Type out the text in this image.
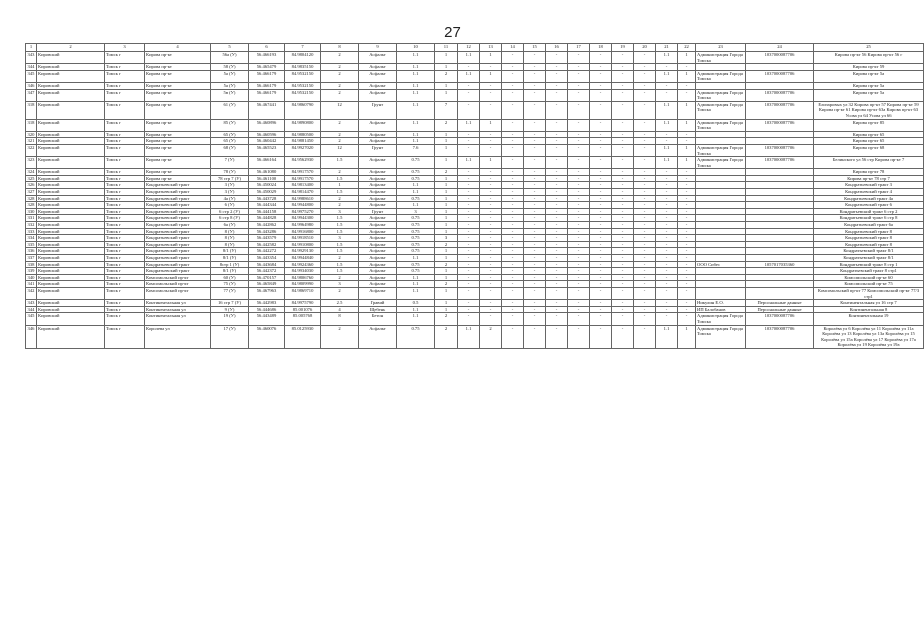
27
1	2	3	4	5	6	7	8	9	10	11	12	13	14	15	16	17	18	19	20	21	22	23	24	25
343	Кировский	Томск г	Кирова пр-кт	56а (У)	56.466193	84.9804120	2	Асфальт	1.1	1	1.1	1	-	-	-	-	-	-	-	1.1	1	Администрация Города Томска	1037000087706	Кирова пр-кт 56 Кирова пр-кт 56 г
344	Кировский	Томск г	Кирова пр-кт	58 (У)	56.465479	84.9835150	2	Асфальт	1.1	1	-	-	-	-	-	-	-	-	-	-	-			Кирова пр-кт 59
345	Кировский	Томск г	Кирова пр-кт	5а (У)	56.466179	84.9532150	2	Асфальт	1.1	2	1.1	1	-	-	-	-	-	-	-	1.1	1	Администрация Города Томска	1037000087706	Кирова пр-кт 5а
346	Кировский	Томск г	Кирова пр-кт	5а (У)	56.466179	84.9532150	2	Асфальт	1.1	1	-	-	-	-	-	-	-	-	-	-	-			Кирова пр-кт 5а
347	Кировский	Томск г	Кирова пр-кт	5в (У)	56.466179	84.9532150	2	Асфальт	1.1	1	-	-	-	-	-	-	-	-	-	-	-	Администрация Города Томска	1037000087706	Кирова пр-кт 5а
318	Кировский	Томск г	Кирова пр-кт	61 (У)	56.467441	84.9860790	12	Грунт	1.1	7	-	-	-	-	-	-	-	-	-	1.1	1	Администрация Города Томска	1037000087706	Елизаровых ул 32 Кирова пр-кт 57 Кирова пр-кт 59 Кирова пр-кт 61 Кирова пр-кт 63а Кирова пр-кт 63 Усова ул 64 Усова ул 66
318	Кировский	Томск г	Кирова пр-кт	85 (У)	56.460896	84.9890800	2	Асфальт	1.1	2	1.1	1	-	-	-	-	-	-	-	1.1	1	Администрация Города Томска	1037000087706	Кирова пр-кт 85
320	Кировский	Томск г	Кирова пр-кт	65 (У)	56.460596	84.9880500	2	Асфальт	1.1	1	-	-	-	-	-	-	-	-	-	-	-			Кирова пр-кт 65
321	Кировский	Томск г	Кирова пр-кт	65 (У)	56.460442	84.9881450	2	Асфальт	1.1	1	-	-	-	-	-	-	-	-	-	-	-			Кирова пр-кт 65
322	Кировский	Томск г	Кирова пр-кт	68 (У)	56.465523	84.9927020	12	Грунт	7.6	1	-	-	-	-	-	-	-	-	-	1.1	1	Администрация Города Томска	1037000087706	Кирова пр-кт 68
323	Кировский	Томск г	Кирова пр-кт	7 (У)	56.466164	84.9562930	1.5	Асфальт	0.75	1	1.1	1	-	-	-	-	-	-	-	1.1	1	Администрация Города Томска	1037000087706	Белинского ул 56 стр Кирова пр-кт 7
324	Кировский	Томск г	Кирова пр-кт	78 (У)	56.461080	84.9917570	2	Асфальт	0.75	2	-	-	-	-	-	-	-	-	-	-	-			Кирова пр-кт 78
325	Кировский	Томск г	Кирова пр-кт	78 стр 7 (У)	56.461100	84.9917570	1.5	Асфальт	0.75	1	-	-	-	-	-	-	-	-	-	-	-			Кирова пр-кт 78 стр 7
326	Кировский	Томск г	Кондратьевский тракт	3 (У)	56.450024	84.9813400	1	Асфальт	1.1	1	-	-	-	-	-	-	-	-	-	-	-			Кондратьевский тракт 3
327	Кировский	Томск г	Кондратьевский тракт	3 (У)	56.450029	84.9814470	1.5	Асфальт	1.1	1	-	-	-	-	-	-	-	-	-	-	-			Кондратьевский тракт 4
328	Кировский	Томск г	Кондратьевский тракт	4а (У)	56.443728	84.9988610	2	Асфальт	0.75	1	-	-	-	-	-	-	-	-	-	-	-			Кондратьевский тракт 4а
328	Кировский	Томск г	Кондратьевский тракт	6 (У)	56.444344	84.9944800	2	Асфальт	1.1	1	-	-	-	-	-	-	-	-	-	-	-			Кондратьевский тракт 6
330	Кировский	Томск г	Кондратьевский тракт	6 стр 2 (У)	56.444158	84.9975270	3	Грунт	3	1	-	-	-	-	-	-	-	-	-	-	-			Кондратьевский тракт 6 стр 2
331	Кировский	Томск г	Кондратьевский тракт	6 стр 8 (У)	56.444828	84.9944300	1.5	Асфальт	0.75	1	-	-	-	-	-	-	-	-	-	-	-			Кондратьевский тракт 6 стр 8
332	Кировский	Томск г	Кондратьевский тракт	6а (У)	56.442862	84.9964980	1.5	Асфальт	0.75	1	-	-	-	-	-	-	-	-	-	-	-			Кондратьевский тракт 6а
333	Кировский	Томск г	Кондратьевский тракт	8 (У)	56.443286	84.9916800	1.5	Асфальт	0.75	1	-	-	-	-	-	-	-	-	-	-	-			Кондратьевский тракт 8
334	Кировский	Томск г	Кондратьевский тракт	8 (У)	56.443579	84.9918510	3	Асфальт	0.75	3	-	-	-	-	-	-	-	-	-	-	-			Кондратьевский тракт 8
335	Кировский	Томск г	Кондратьевский тракт	8 (У)	56.442582	84.9910800	1.5	Асфальт	0.75	2	-	-	-	-	-	-	-	-	-	-	-			Кондратьевский тракт 8
336	Кировский	Томск г	Кондратьевский тракт	8/1 (У)	56.442272	84.9929130	1.5	Асфальт	0.75	1	-	-	-	-	-	-	-	-	-	-	-			Кондратьевский тракт 8/1
337	Кировский	Томск г	Кондратьевский тракт	8/1 (У)	56.443354	84.9944840	2	Асфальт	1.1	1	-	-	-	-	-	-	-	-	-	-	-			Кондратьевский тракт 8/1
338	Кировский	Томск г	Кондратьевский тракт	8стр 1 (У)	56.443684	84.9924360	1.5	Асфальт	0.75	2	-	-	-	-	-	-	-	-	-	-	-	ООО Сибес	1057017035360	Кондратьевский тракт 8 стр 1
339	Кировский	Томск г	Кондратьевский тракт	8/1 (У)	56.442372	84.9934030	1.5	Асфальт	0.75	1	-	-	-	-	-	-	-	-	-	-	-			Кондратьевский тракт 8 стр1
340	Кировский	Томск г	Комсомольский пр-кт	60 (У)	56.470157	84.9806760	2	Асфальт	1.1	1	-	-	-	-	-	-	-	-	-	-	-			Комсомольский пр-кт 60
341	Кировский	Томск г	Комсомольский пр-кт	75 (У)	56.465849	84.9809990	3	Асфальт	1.1	2	-	-	-	-	-	-	-	-	-	-	-			Комсомольский пр-кт 75
342	Кировский	Томск г	Комсомольский пр-кт	77 (У)	56.467963	84.9869710	2	Асфальт	1.1	1	-	-	-	-	-	-	-	-	-	-	-			Комсомольский пр-кт 77 Комсомольский пр-кт 77/3 стр1
343	Кировский	Томск г	Континентальная ул	16 стр 7 (У)	56.442983	84.9975790	2.5	Гравий	0.5	1	-	-	-	-	-	-	-	-	-	-	-	Никулин Е.О.	Персональные данные	Континентальная ул 16 стр 7
344	Кировский	Томск г	Континентальная ул	9 (У)	56.444686	85.001076	4	Щебень	1.1	1	-	-	-	-	-	-	-	-	-	-	-	ИП Балобанов	Персональные данные	Континентальная 8
345	Кировский	Томск г	Континентальная ул	19 (У)	56.443489	85.005768	8	Бетон	1.1	2	-	-	-	-	-	-	-	-	-	-	-	Администрация Города Томска	1037000087706	Континентальная 19
346	Кировский	Томск г	Королева ул	17 (У)	56.460076	85.0125930	2	Асфальт	0.75	2	1.1	2	-	-	-	-	-	-	-	1.1	1	Администрация Города Томска	1037000087706	Королёва ул 6 Королёва ул 11 Королёва ул 11а Королёва ул 13 Королёва ул 13а Королёва ул 15 Королёва ул 15а Королёва ул 17 Королёва ул 17а Королёва ул 19 Королёва ул 19а
